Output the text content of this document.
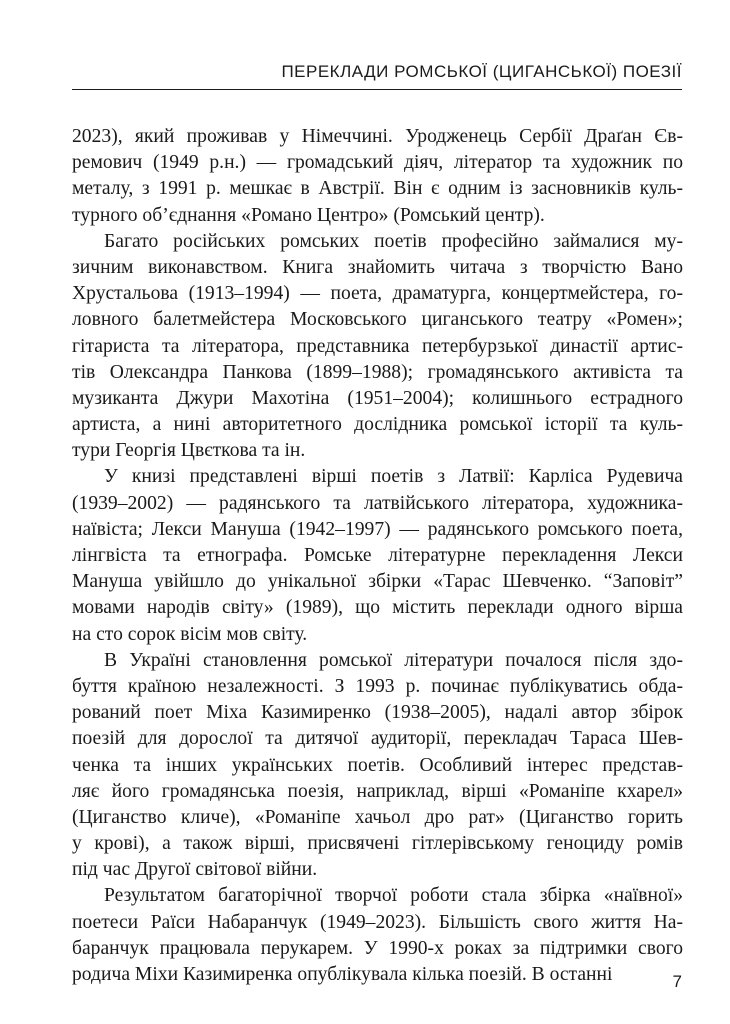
ПЕРЕКЛАДИ РОМСЬКОЇ (ЦИГАНСЬКОЇ) ПОЕЗІЇ
2023), який проживав у Німеччині. Уродженець Сербії Драґан Єв-
ремович (1949 р.н.) — громадський діяч, літератор та художник по
металу, з 1991 р. мешкає в Австрії. Він є одним із засновників куль-
турного об’єднання «Романо Центро» (Ромський центр).
Багато російських ромських поетів професійно займалися му-
зичним виконавством. Книга знайомить читача з творчістю Вано
Хрустальова (1913–1994) — поета, драматурга, концертмейстера, го-
ловного балетмейстера Московського циганського театру «Ромен»;
гітариста та літератора, представника петербурзької династії артис-
тів Олександра Панкова (1899–1988); громадянського активіста та
музиканта Джури Махотіна (1951–2004); колишнього естрадного
артиста, а нині авторитетного дослідника ромської історії та куль-
тури Георгія Цвєткова та ін.
У книзі представлені вірші поетів з Латвії: Карліса Рудевича
(1939–2002) — радянського та латвійського літератора, художника-
наївіста; Лекси Мануша (1942–1997) — радянського ромського поета,
лінгвіста та етнографа. Ромське літературне перекладення Лекси
Мануша увійшло до унікальної збірки «Тарас Шевченко. “Заповіт”
мовами народів світу» (1989), що містить переклади одного вірша
на сто сорок вісім мов світу.
В Україні становлення ромської літератури почалося після здо-
буття країною незалежності. З 1993 р. починає публікуватись обда-
рований поет Міха Казимиренко (1938–2005), надалі автор збірок
поезій для дорослої та дитячої аудиторії, перекладач Тараса Шев-
ченка та інших українських поетів. Особливий інтерес представ-
ляє його громадянська поезія, наприклад, вірші «Романіпе кхарел»
(Циганство кличе), «Романіпе хачьол дро рат» (Циганство горить
у крові), а також вірші, присвячені гітлерівському геноциду ромів
під час Другої світової війни.
Результатом багаторічної творчої роботи стала збірка «наївної»
поетеси Раїси Набаранчук (1949–2023). Більшість свого життя На-
баранчук працювала перукарем. У 1990-х роках за підтримки свого
родича Міхи Казимиренка опублікувала кілька поезій. В останні	7
